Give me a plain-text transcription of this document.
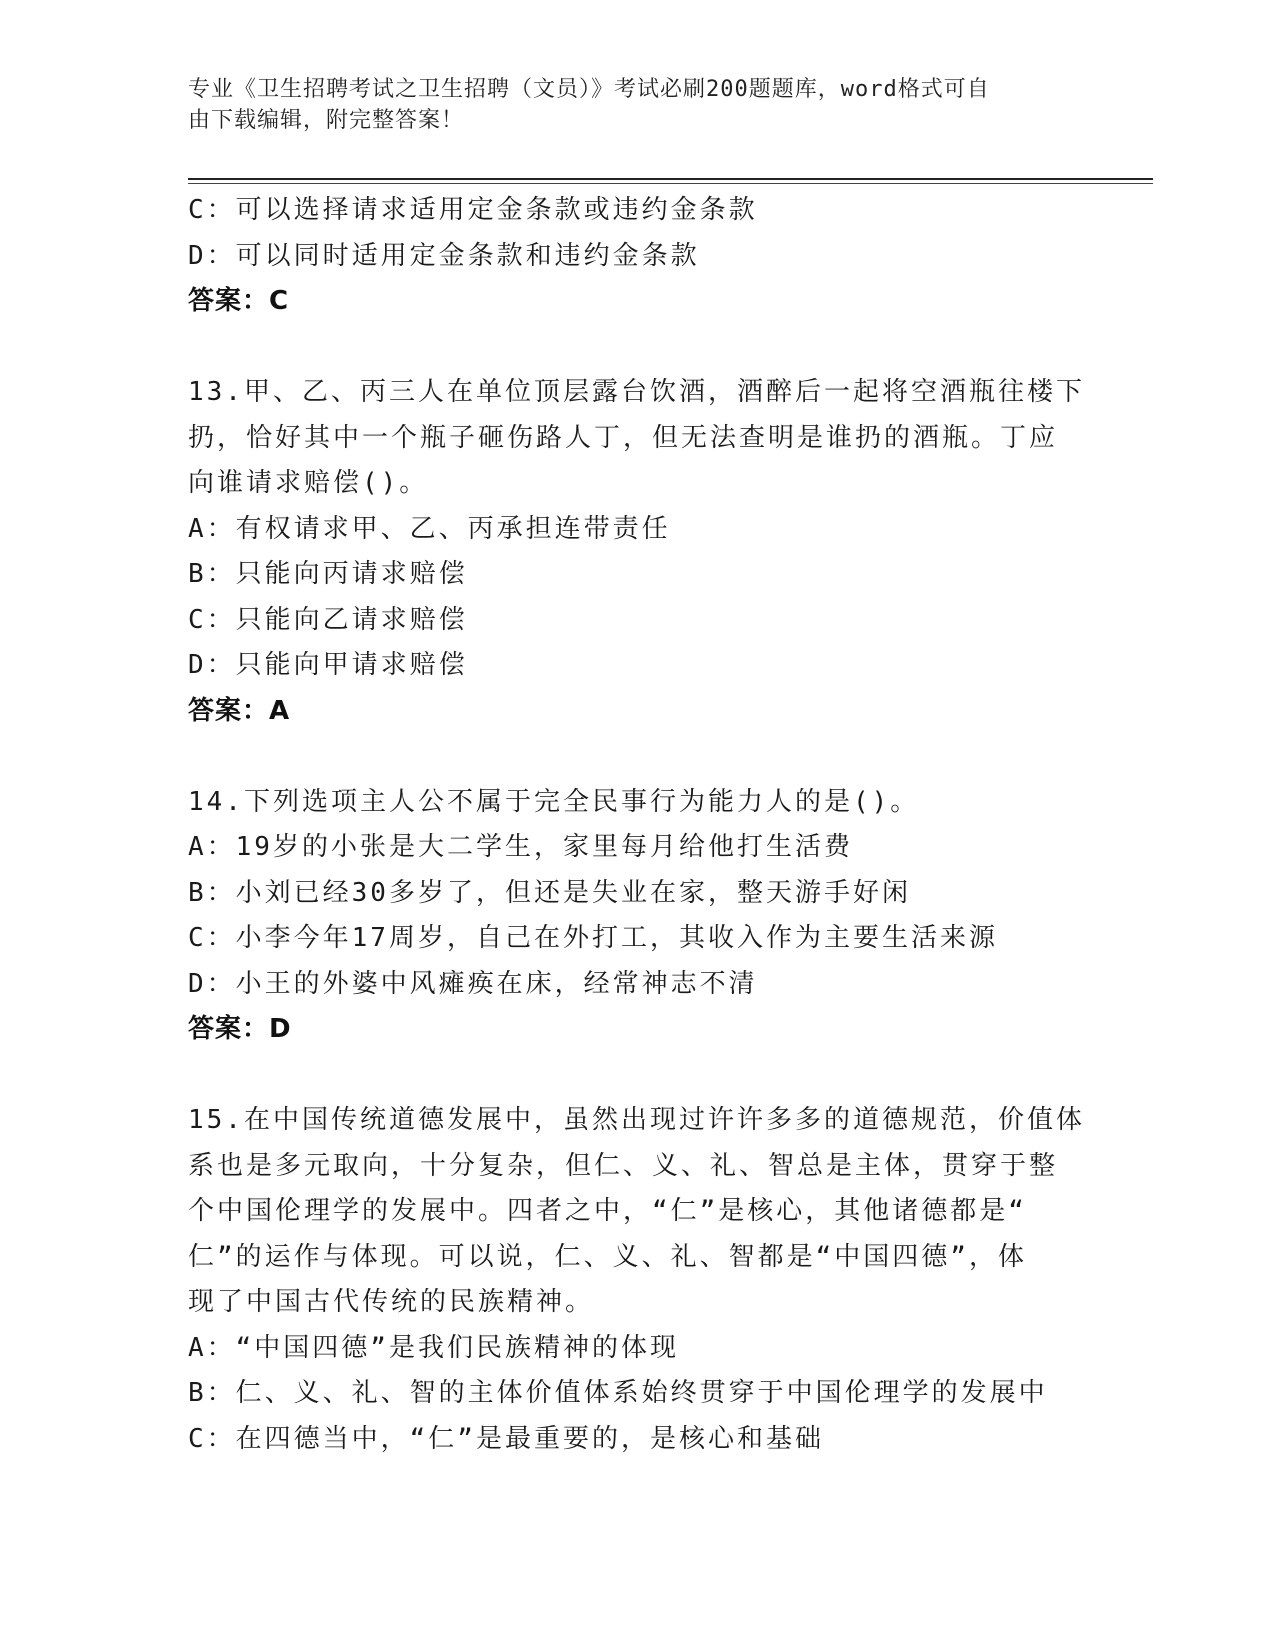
专业《卫生招聘考试之卫生招聘（文员）》考试必刷200题题库，word格式可自
由下载编辑，附完整答案！
C：可以选择请求适用定金条款或违约金条款
D：可以同时适用定金条款和违约金条款
答案：C
13.甲、乙、丙三人在单位顶层露台饮酒，酒醉后一起将空酒瓶往楼下
扔，恰好其中一个瓶子砸伤路人丁，但无法查明是谁扔的酒瓶。丁应
向谁请求赔偿()。
A：有权请求甲、乙、丙承担连带责任
B：只能向丙请求赔偿
C：只能向乙请求赔偿
D：只能向甲请求赔偿
答案：A
14.下列选项主人公不属于完全民事行为能力人的是()。
A：19岁的小张是大二学生，家里每月给他打生活费
B：小刘已经30多岁了，但还是失业在家，整天游手好闲
C：小李今年17周岁，自己在外打工，其收入作为主要生活来源
D：小王的外婆中风瘫痪在床，经常神志不清
答案：D
15.在中国传统道德发展中，虽然出现过许许多多的道德规范，价值体
系也是多元取向，十分复杂，但仁、义、礼、智总是主体，贯穿于整
个中国伦理学的发展中。四者之中，“仁”是核心，其他诸德都是“
仁”的运作与体现。可以说，仁、义、礼、智都是“中国四德”，体
现了中国古代传统的民族精神。
A：“中国四德”是我们民族精神的体现
B：仁、义、礼、智的主体价值体系始终贯穿于中国伦理学的发展中
C：在四德当中，“仁”是最重要的，是核心和基础
